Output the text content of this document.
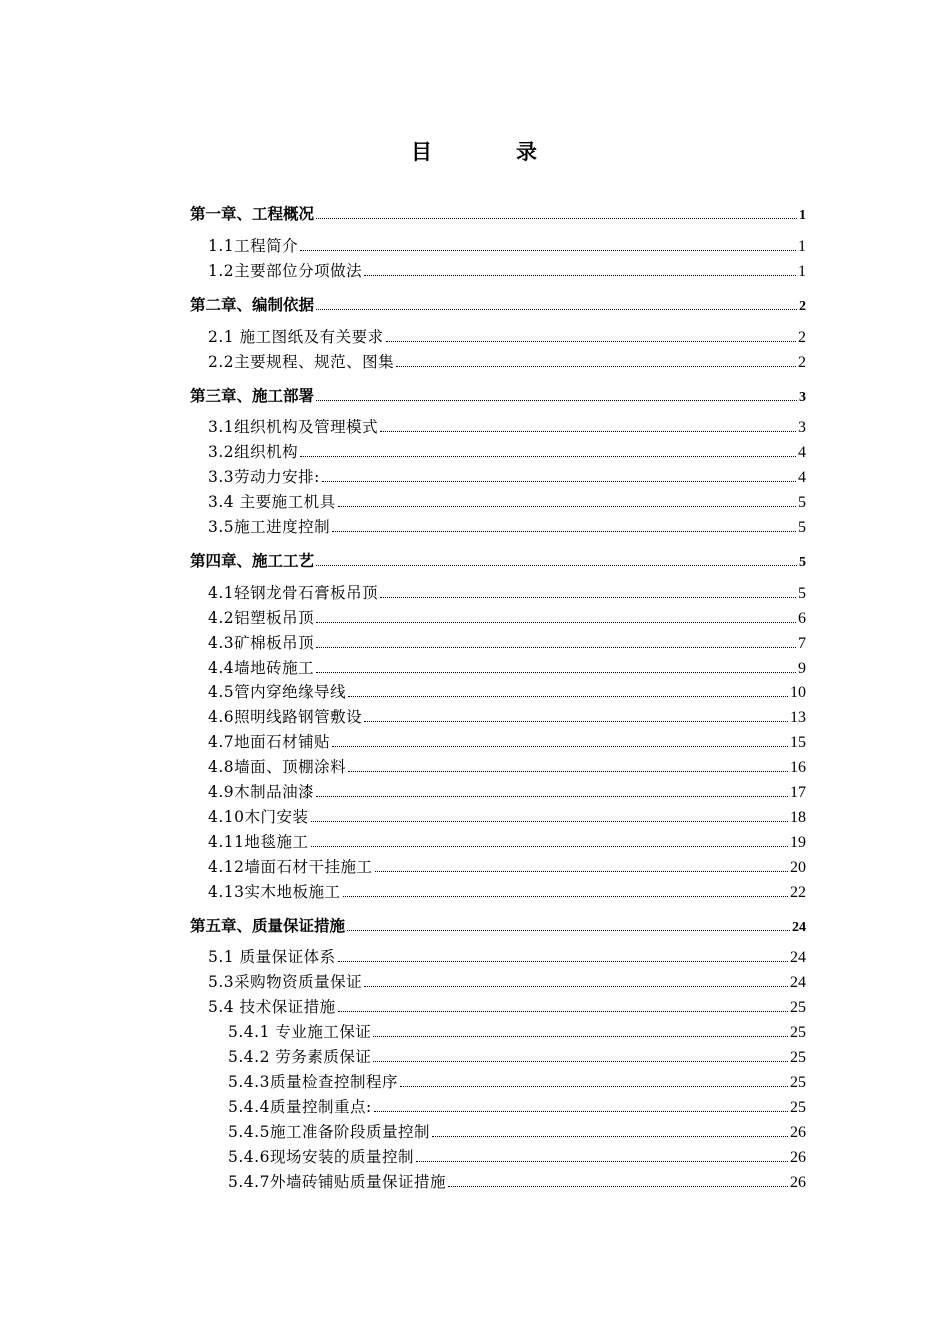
目	录
第一章、工程概况	1
1.1工程简介	1
1.2主要部位分项做法	1
第二章、编制依据	2
2.1 施工图纸及有关要求	2
2.2主要规程、规范、图集	2
第三章、施工部署	3
3.1组织机构及管理模式	3
3.2组织机构	4
3.3劳动力安排:	4
3.4 主要施工机具	5
3.5施工进度控制	5
第四章、施工工艺	5
4.1轻钢龙骨石膏板吊顶	5
4.2铝塑板吊顶	6
4.3矿棉板吊顶	7
4.4墙地砖施工	9
4.5管内穿绝缘导线	10
4.6照明线路钢管敷设	13
4.7地面石材铺贴	15
4.8墙面、顶棚涂料	16
4.9木制品油漆	17
4.10木门安装	18
4.11地毯施工	19
4.12墙面石材干挂施工	20
4.13实木地板施工	22
第五章、质量保证措施	24
5.1 质量保证体系	24
5.3采购物资质量保证	24
5.4 技术保证措施	25
5.4.1 专业施工保证	25
5.4.2 劳务素质保证	25
5.4.3质量检查控制程序	25
5.4.4质量控制重点:	25
5.4.5施工准备阶段质量控制	26
5.4.6现场安装的质量控制	26
5.4.7外墙砖铺贴质量保证措施	26
